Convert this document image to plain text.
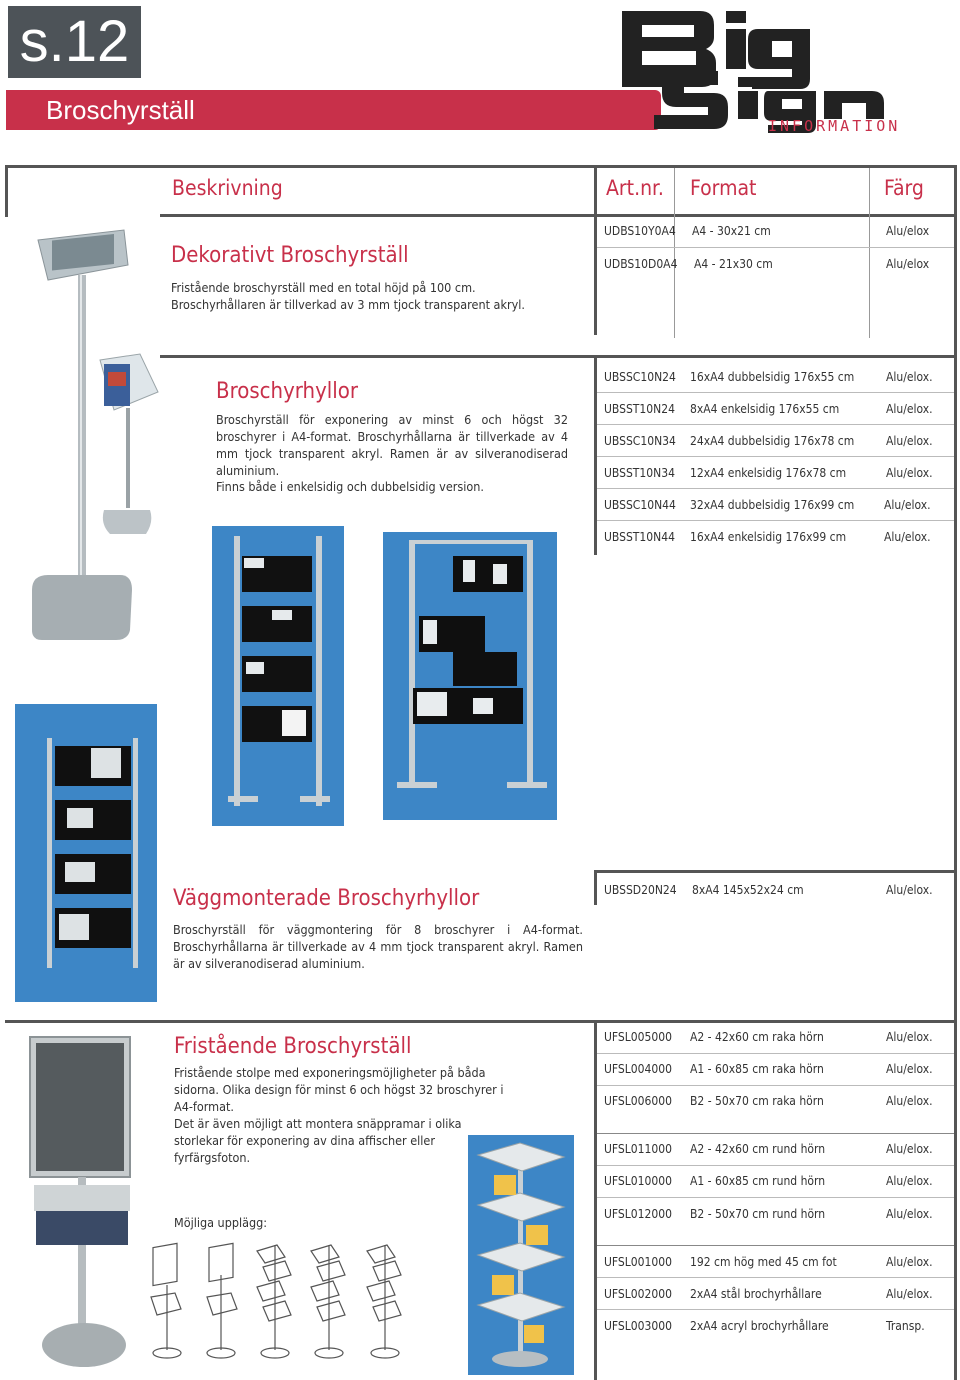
s.12
Broschyrställ
INFORMATION
Beskrivning	Art.nr. Format	Färg
Dekorativt Broschyrställ
Fristående broschyrställ med en total höjd på 100 cm. Broschyrhållaren är tillverkad av 3 mm tjock transparent akryl.
UDBS10Y0A4 A4 - 30x21 cm	Alu/elox
UDBS10D0A4 A4 - 21x30 cm	Alu/elox
Broschyrhyllor
Broschyrställ för exponering av minst 6 och högst 32 broschyrer i A4-format. Broschyrhållarna är tillverkade av 4 mm tjock transparent akryl. Ramen är av silveranodiserad aluminium.
Finns både i enkelsidig och dubbelsidig version.
UBSSC10N24 16xA4 dubbelsidig 176x55 cm	Alu/elox.
UBSST10N24 8xA4 enkelsidig 176x55 cm	Alu/elox.
UBSSC10N34 24xA4 dubbelsidig 176x78 cm	Alu/elox.
UBSST10N34 12xA4 enkelsidig 176x78 cm	Alu/elox.
UBSSC10N44 32xA4 dubbelsidig 176x99 cm Alu/elox.
UBSST10N44 16xA4 enkelsidig 176x99 cm	Alu/elox.
Väggmonterade Broschyrhyllor
Broschyrställ för väggmontering för 8 broschyrer i A4-format. Broschyrhållarna är tillverkade av 4 mm tjock transparent akryl. Ramen är av silveranodiserad aluminium.
UBSSD20N24 8xA4 145x52x24 cm	Alu/elox.
Fristående Broschyrställ
Fristående stolpe med exponeringsmöjligheter på båda sidorna. Olika design för minst 6 och högst 32 broschyrer i A4-format.
Det är även möjligt att montera snäppramar i olika storlekar för exponering av dina affischer eller fyrfärgsfoton.
Möjliga upplägg:
UFSL005000 A2 - 42x60 cm raka hörn	Alu/elox.
UFSL004000 A1 - 60x85 cm raka hörn	Alu/elox.
UFSL006000 B2 - 50x70 cm raka hörn	Alu/elox.
UFSL011000 A2 - 42x60 cm rund hörn	Alu/elox.
UFSL010000 A1 - 60x85 cm rund hörn	Alu/elox.
UFSL012000 B2 - 50x70 cm rund hörn	Alu/elox.
UFSL001000 192 cm hög med 45 cm fot	Alu/elox.
UFSL002000 2xA4 stål brochyrhållare	Alu/elox.
UFSL003000 2xA4 acryl brochyrhållare	Transp.
